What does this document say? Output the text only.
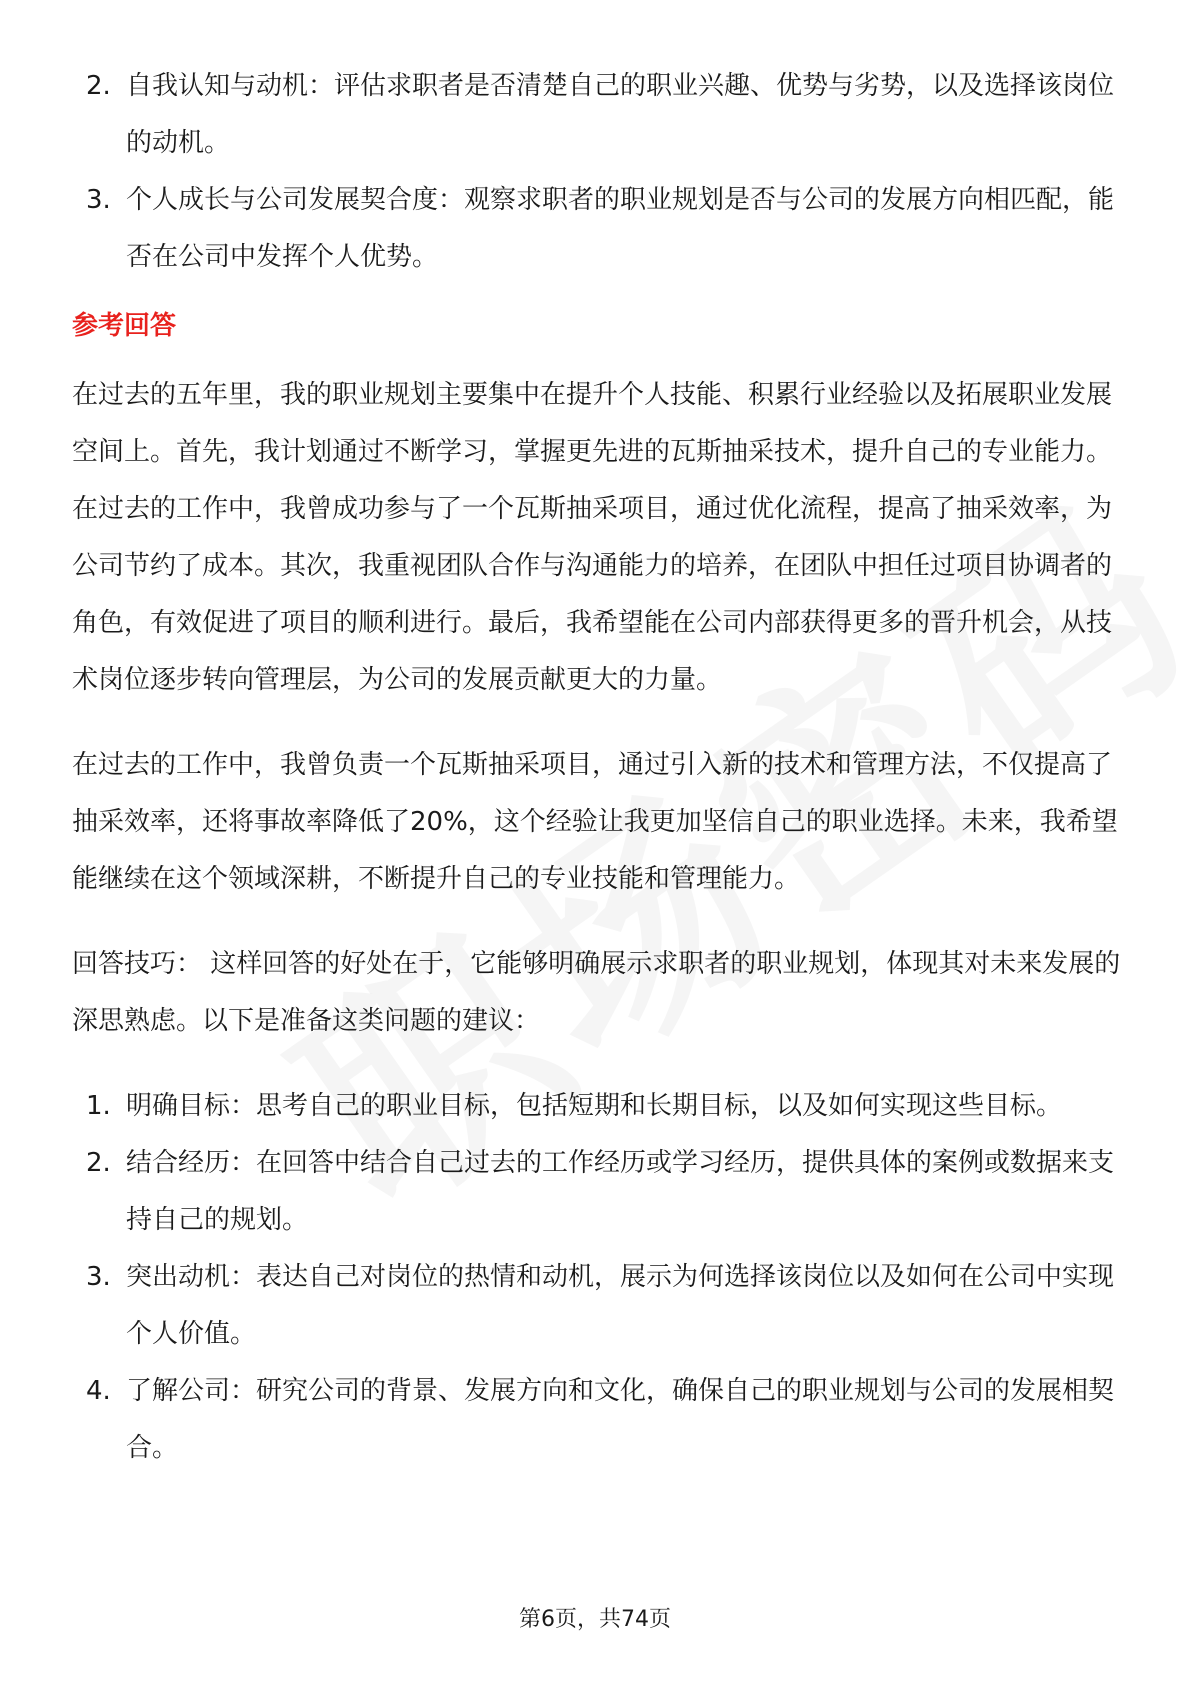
2. 自我认知与动机：评估求职者是否清楚自己的职业兴趣、优势与劣势，以及选择该岗位的动机。
3. 个人成长与公司发展契合度：观察求职者的职业规划是否与公司的发展方向相匹配，能否在公司中发挥个人优势。
参考回答

在过去的五年里，我的职业规划主要集中在提升个人技能、积累行业经验以及拓展职业发展空间上。首先，我计划通过不断学习，掌握更先进的瓦斯抽采技术，提升自己的专业能力。在过去的工作中，我曾成功参与了一个瓦斯抽采项目，通过优化流程，提高了抽采效率，为公司节约了成本。其次，我重视团队合作与沟通能力的培养，在团队中担任过项目协调者的角色，有效促进了项目的顺利进行。最后，我希望能在公司内部获得更多的晋升机会，从技术岗位逐步转向管理层，为公司的发展贡献更大的力量。

在过去的工作中，我曾负责一个瓦斯抽采项目，通过引入新的技术和管理方法，不仅提高了抽采效率，还将事故率降低了20%，这个经验让我更加坚信自己的职业选择。未来，我希望能继续在这个领域深耕，不断提升自己的专业技能和管理能力。

回答技巧： 这样回答的好处在于，它能够明确展示求职者的职业规划，体现其对未来发展的深思熟虑。以下是准备这类问题的建议：

1. 明确目标：思考自己的职业目标，包括短期和长期目标，以及如何实现这些目标。
2. 结合经历：在回答中结合自己过去的工作经历或学习经历，提供具体的案例或数据来支持自己的规划。
3. 突出动机：表达自己对岗位的热情和动机，展示为何选择该岗位以及如何在公司中实现个人价值。
4. 了解公司：研究公司的背景、发展方向和文化，确保自己的职业规划与公司的发展相契合。
第6页，共74页
